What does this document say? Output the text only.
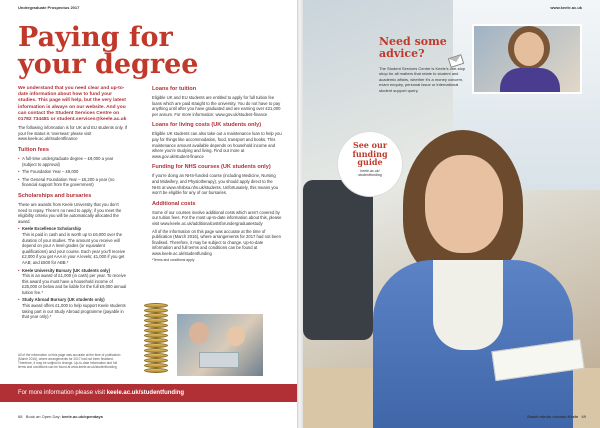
Undergraduate Prospectus 2017
Paying for
your degree
We understand that you need clear and up-to-date information about how to fund your studies. This page will help, but the very latest information is always on our website. And you can contact the Student Services Centre on 01782 734481 or student.services@keele.ac.uk
The following information is for UK and EU students only. If your fee status is 'overseas' please visit www.keele.ac.uk/studentfinance
Tuition fees
• A full-time undergraduate degree – £9,000 a year (subject to approval)
• The Foundation Year – £9,000
• The General Foundation Year – £5,200 a year (no financial support from the government)
Scholarships and bursaries
These are awards from Keele University that you don't need to repay. There's no need to apply; if you meet the eligibility criteria you will be automatically allocated the award.
• Keele Excellence Scholarship
This is paid in cash and is worth up to £6,000 over the duration of your studies. The amount you receive will depend on your A level grades (or equivalent qualifications) and your course. Each year you'll receive £2,000 if you get AAA in your A levels; £1,000 if you get AAB; and £500 for ABB.*
• Keele University Bursary (UK students only)
This is an award of £1,000 (in cash) per year. To receive this award you must have a household income of £25,000 or below and be liable for the full £9,000 annual tuition fee.*
• Study Abroad Bursary (UK students only)
This award offers £1,000 to help support Keele students taking part in our Study Abroad programme (payable in that year only).*
All of the information on this page was accurate at the time of publication (March 2016), where arrangements for 2017 had not been finalised. Therefore, it may be subject to change. Up-to-date information and full terms and conditions can be found at www.keele.ac.uk/studentfunding
Loans for tuition
Eligible UK and EU students are entitled to apply for full tuition fee loans which are paid straight to the university. You do not have to pay anything until after you have graduated and are earning over £21,000 per annum. For more information: www.gov.uk/student-finance
Loans for living costs (UK students only)
Eligible UK students can also take out a maintenance loan to help you pay for things like accommodation, food, transport and books. This maintenance amount available depends on household income and where you're studying and living. Find out more at www.gov.uk/student-finance
Funding for NHS courses (UK students only)
If you're doing an NHS-funded course (including Medicine, Nursing and Midwifery, and Physiotherapy), you should apply direct to the NHS at www.nhsbsa.nhs.uk/students. Unfortunately, this means you won't be eligible for any of our bursaries.
Additional costs
Some of our courses involve additional costs which aren't covered by our tuition fees. For the most up-to-date information about this, please visit www.keele.ac.uk/additionalcostsforundergraduatestudy
All of the information on this page was accurate at the time of publication (March 2016), where arrangements for 2017 had not been finalised. Therefore, it may be subject to change. Up-to-date information and full terms and conditions can be found at www.keele.ac.uk/studentfunding
*Terms and conditions apply
For more information please visit keele.ac.uk/studentfunding
68 Book an Open Day: keele.ac.uk/opendays
www.keele.ac.uk
Need some
advice?
The Student Services Centre is Keele's one-stop shop for all matters that relate to student and academic affairs, whether it's a money concern, exam enquiry, personal issue or international student support query.
See our
funding
guide
keele.ac.uk/
studentfunding
Smart minds choose Keele 69
